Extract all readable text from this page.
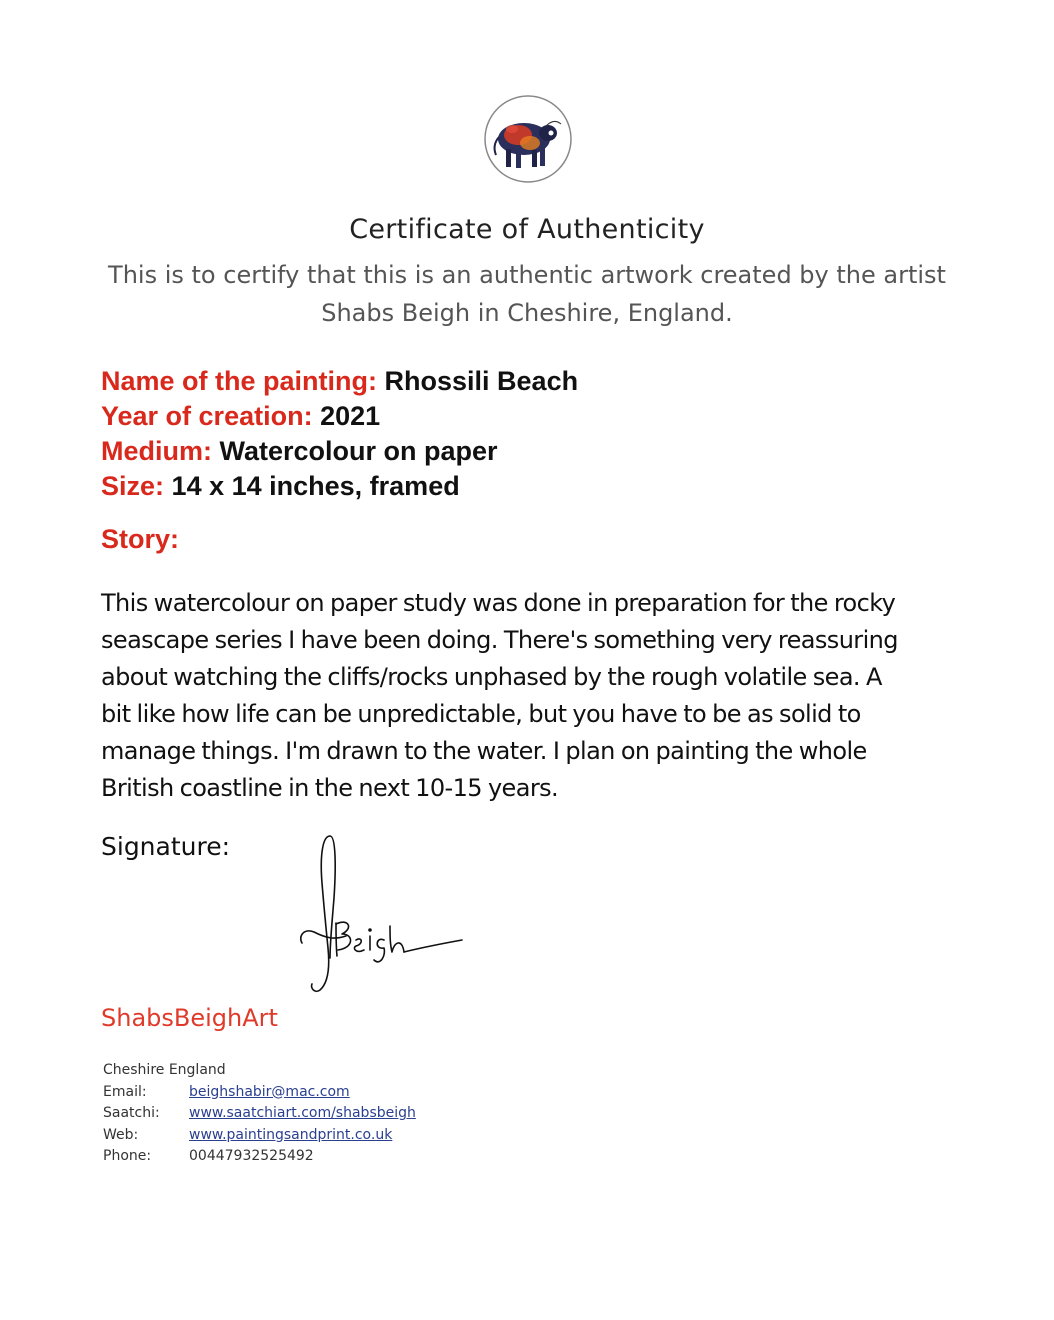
Certificate of Authenticity
This is to certify that this is an authentic artwork created by the artist
Shabs Beigh in Cheshire, England.
Name of the painting: Rhossili Beach
Year of creation: 2021
Medium: Watercolour on paper
Size: 14 x 14 inches, framed
Story:
This watercolour on paper study was done in preparation for the rocky
seascape series I have been doing. There's something very reassuring
about watching the cliffs/rocks unphased by the rough volatile sea. A
bit like how life can be unpredictable, but you have to be as solid to
manage things. I'm drawn to the water. I plan on painting the whole
British coastline in the next 10-15 years.
Signature:
ShabsBeighArt
Cheshire England
Email:	beighshabir@mac.com
Saatchi:	www.saatchiart.com/shabsbeigh
Web:	www.paintingsandprint.co.uk
Phone:	00447932525492
